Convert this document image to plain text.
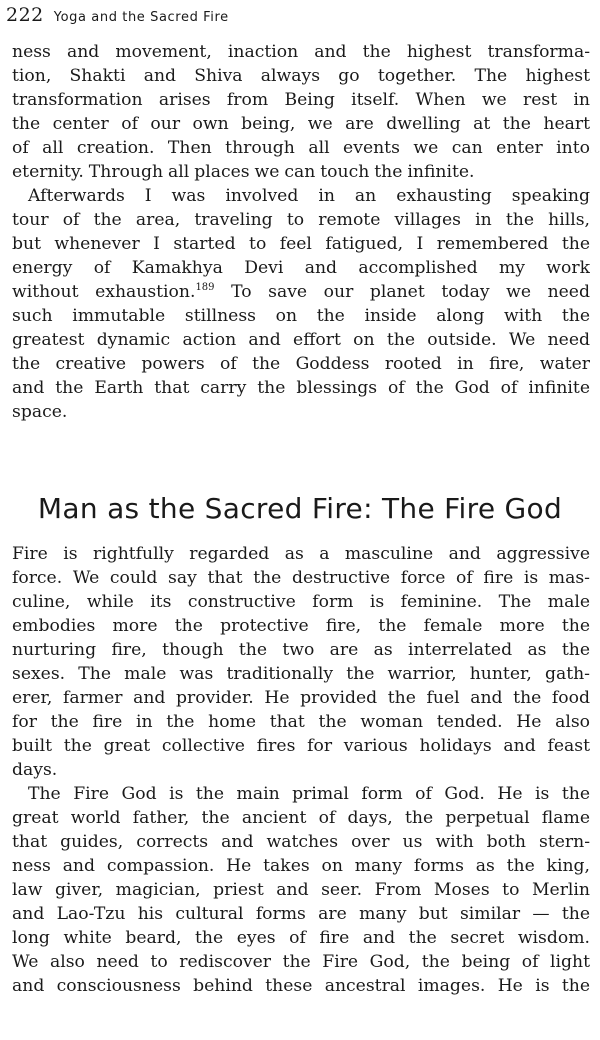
222 Yoga and the Sacred Fire
ness and movement, inaction and the highest transforma-
tion, Shakti and Shiva always go together. The highest
transformation arises from Being itself. When we rest in
the center of our own being, we are dwelling at the heart
of all creation. Then through all events we can enter into
eternity. Through all places we can touch the infinite.
Afterwards I was involved in an exhausting speaking
tour of the area, traveling to remote villages in the hills,
but whenever I started to feel fatigued, I remembered the
energy of Kamakhya Devi and accomplished my work
without exhaustion.$^{189}$ To save our planet today we need
such immutable stillness on the inside along with the
greatest dynamic action and effort on the outside. We need
the creative powers of the Goddess rooted in fire, water
and the Earth that carry the blessings of the God of infinite
space.
Man as the Sacred Fire: The Fire God
Fire is rightfully regarded as a masculine and aggressive
force. We could say that the destructive force of fire is mas-
culine, while its constructive form is feminine. The male
embodies more the protective fire, the female more the
nurturing fire, though the two are as interrelated as the
sexes. The male was traditionally the warrior, hunter, gath-
erer, farmer and provider. He provided the fuel and the food
for the fire in the home that the woman tended. He also
built the great collective fires for various holidays and feast
days.
The Fire God is the main primal form of God. He is the
great world father, the ancient of days, the perpetual flame
that guides, corrects and watches over us with both stern-
ness and compassion. He takes on many forms as the king,
law giver, magician, priest and seer. From Moses to Merlin
and Lao-Tzu his cultural forms are many but similar — the
long white beard, the eyes of fire and the secret wisdom.
We also need to rediscover the Fire God, the being of light
and consciousness behind these ancestral images. He is the
